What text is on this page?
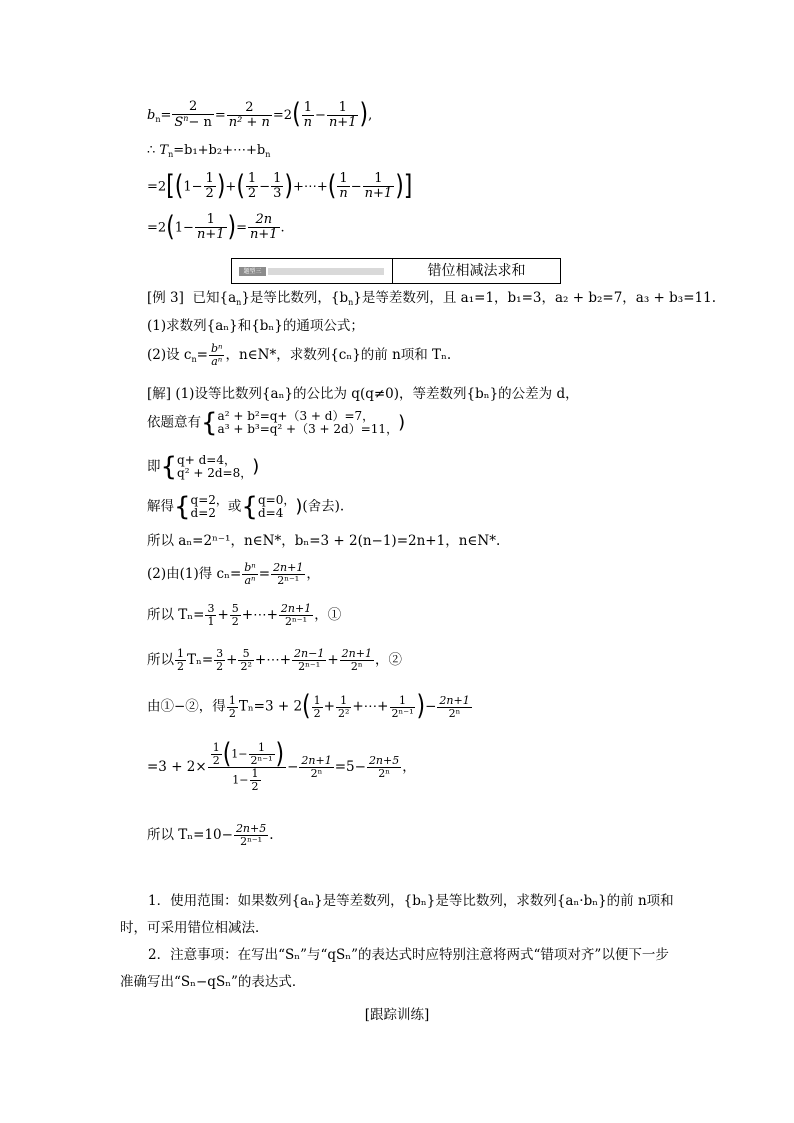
$b_n= \frac{2}{S^n- n} = \frac{2}{\text{n² + n}} =2( \frac{1}{n} - \frac{1}{n+1}$ ),
∴ $T_n=b_1+b_2+\cdots+b_n$
$=2[(1- \frac{1}{2}$ )+( $\frac{1}{2} - \frac{1}{3}$ )+⋯+( $\frac{1}{n} - \frac{1}{n+1}$ )]
$=2(1- \frac{1}{n+1}$ )= $\frac{2n}{n+1}$ .
题型三	错位相减法求和
[例 3] 已知$\{a_n\}$是等比数列，$\{b_n\}$是等差数列，且 a₁=1，b₁=3，a₂ + b₂=7，a₃ + b₃=11.
(1)求数列{aₙ}和{bₙ}的通项公式；
(2)设 $c_n= \frac{\text{bⁿ}}{\text{aⁿ}}$ ，n∈N*，求数列{cₙ}的前 n项和 Tₙ.
[解] (1)设等比数列{aₙ}的公比为 q(q≠0)，等差数列{bₙ}的公差为 d，
依题意有{ a² + b²=q+（3 + d）=7，
a³ + b³=q² +（3 + 2d）=11， )
即{ q+ d=4，
q² + 2d=8， )
解得{ q=2，
d=2 或{ q=0，
d=4 )(舍去).
所以 aₙ=2ⁿ⁻¹，n∈N*，bₙ=3 + 2(n−1)=2n+1，n∈N*.
(2)由(1)得 $c_n= \frac{\text{bⁿ}}{\text{aⁿ}} = \frac{2n+1}{\text{2ⁿ⁻¹}}$ ，
所以 $T_n= \frac{3}{1} + \frac{5}{2}$ +⋯+ $\frac{2n+1}{\text{2ⁿ⁻¹}}$ ，①
所以 $\frac{1}{2} T_n= \frac{3}{2} + \frac{5}{\text{2²}}$ +⋯+ $\frac{2n-1}{\text{2ⁿ⁻¹}} + \frac{2n+1}{\text{2ⁿ}}$ ，②
由①−②，得 $\frac{1}{2} T_n=3 + 2( \frac{1}{2} + \frac{1}{\text{2²}}$ +⋯+ $\frac{1}{\text{2ⁿ⁻¹}}$ )− $\frac{2n+1}{\text{2ⁿ}}$
$=3 + 2\times \frac{\frac{1}{2} (1- \frac{1}{\text{2ⁿ⁻¹}} )}{1- \frac{1}{2}} - \frac{2n+1}{\text{2ⁿ}} =5- \frac{2n+5}{\text{2ⁿ}}$ ，
所以 $T_n=10- \frac{2n+5}{\text{2ⁿ⁻¹}}$ .
1．使用范围：如果数列{aₙ}是等差数列，{bₙ}是等比数列，求数列{aₙ·bₙ}的前 n项和时，可采用错位相减法．
2．注意事项：在写出“Sₙ”与“qSₙ”的表达式时应特别注意将两式“错项对齐”以便下一步准确写出“Sₙ−qSₙ”的表达式．
[跟踪训练]
